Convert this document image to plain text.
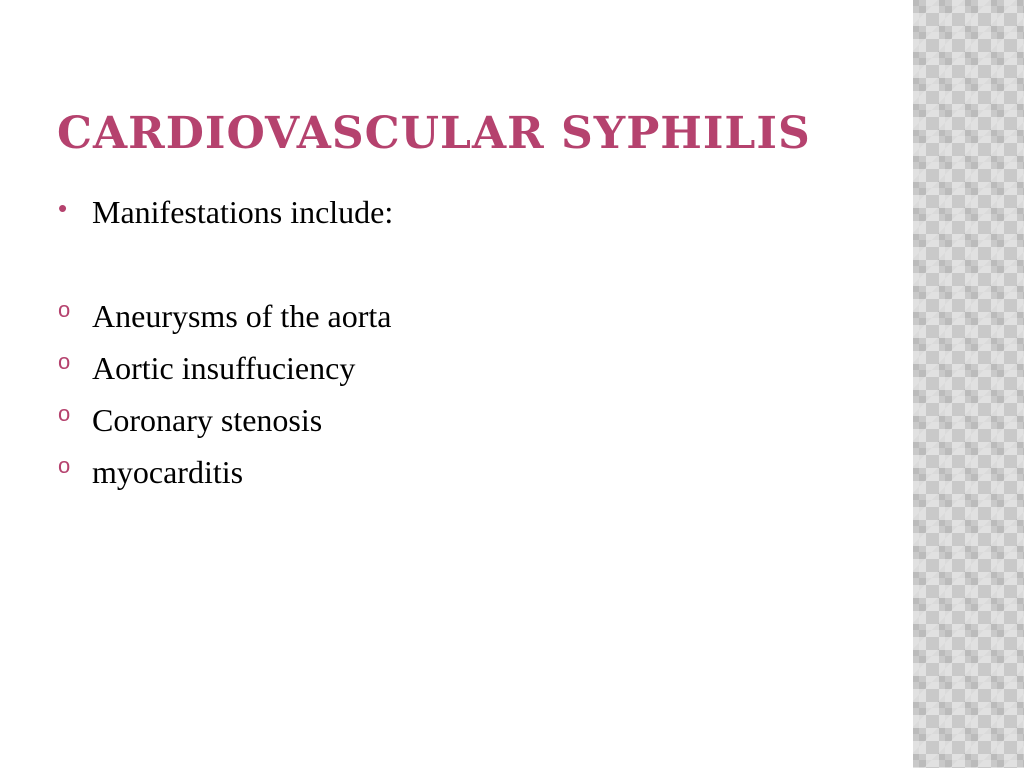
CARDIOVASCULAR SYPHILIS
• Manifestations include:
o Aneurysms of the aorta
o Aortic insuffuciency
o Coronary stenosis
o myocarditis
